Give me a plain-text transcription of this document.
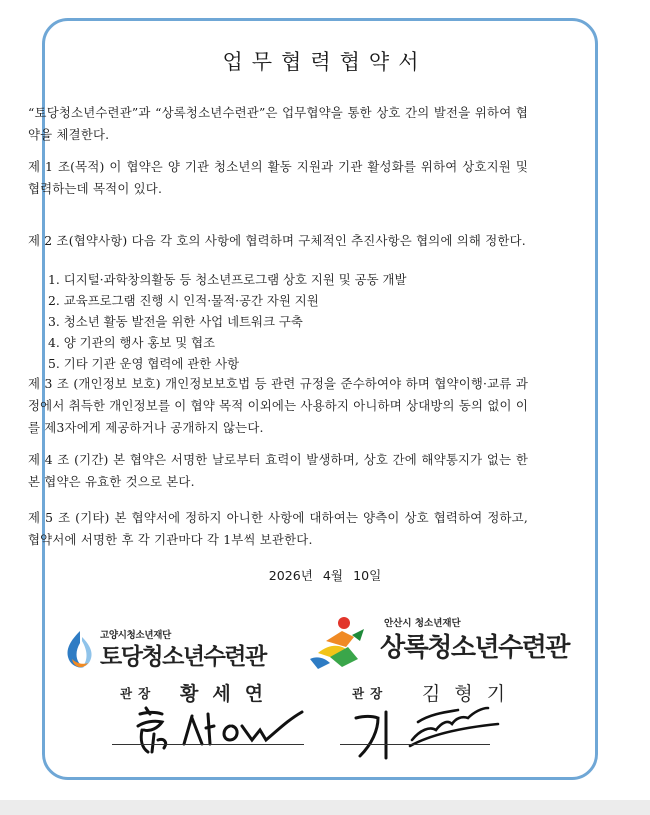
업무협력협약서
“토당청소년수련관”과 “상록청소년수련관”은 업무협약을 통한 상호 간의 발전을 위하여 협약을 체결한다.
제 1 조(목적) 이 협약은 양 기관 청소년의 활동 지원과 기관 활성화를 위하여 상호지원 및 협력하는데 목적이 있다.
제 2 조(협약사항) 다음 각 호의 사항에 협력하며 구체적인 추진사항은 협의에 의해 정한다.
1. 디지털·과학창의활동 등 청소년프로그램 상호 지원 및 공동 개발
2. 교육프로그램 진행 시 인적·물적·공간 자원 지원
3. 청소년 활동 발전을 위한 사업 네트워크 구축
4. 양 기관의 행사 홍보 및 협조
5. 기타 기관 운영 협력에 관한 사항
제 3 조 (개인정보 보호) 개인정보보호법 등 관련 규정을 준수하여야 하며 협약이행·교류 과정에서 취득한 개인정보를 이 협약 목적 이외에는 사용하지 아니하며 상대방의 동의 없이 이를 제3자에게 제공하거나 공개하지 않는다.
제 4 조 (기간) 본 협약은 서명한 날로부터 효력이 발생하며, 상호 간에 해약통지가 없는 한 본 협약은 유효한 것으로 본다.
제 5 조 (기타) 본 협약서에 정하지 아니한 사항에 대하여는 양측이 상호 협력하여 정하고, 협약서에 서명한 후 각 기관마다 각 1부씩 보관한다.
2026년 4월 10일
고양시청소년재단
토당청소년수련관
안산시 청소년재단
상록청소년수련관
관장 황세연	관장 김형기
